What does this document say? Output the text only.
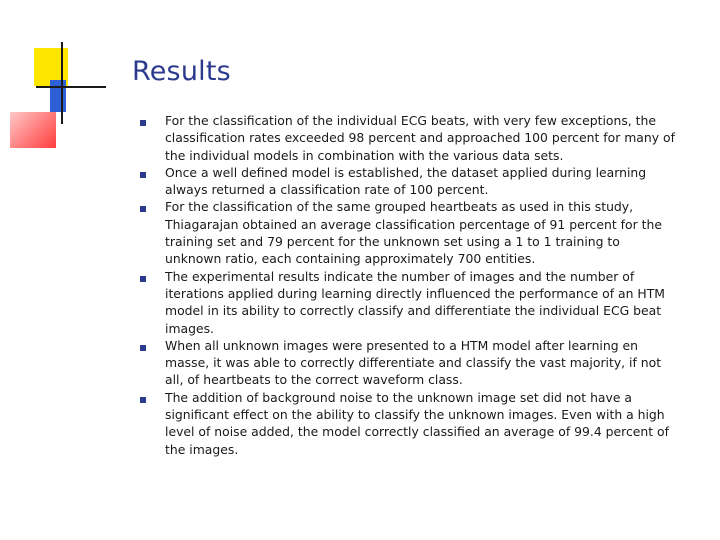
Results
For the classification of the individual ECG beats, with very few exceptions, the classification rates exceeded 98 percent and approached 100 percent for many of the individual models in combination with the various data sets.
Once a well defined model is established, the dataset applied during learning always returned a classification rate of 100 percent.
For the classification of the same grouped heartbeats as used in this study, Thiagarajan obtained an average classification percentage of 91 percent for the training set and 79 percent for the unknown set using a 1 to 1 training to unknown ratio, each containing approximately 700 entities.
The experimental results indicate the number of images and the number of iterations applied during learning directly influenced the performance of an HTM model in its ability to correctly classify and differentiate the individual ECG beat images.
When all unknown images were presented to a HTM model after learning en masse, it was able to correctly differentiate and classify the vast majority, if not all, of heartbeats to the correct waveform class.
The addition of background noise to the unknown image set did not have a significant effect on the ability to classify the unknown images. Even with a high level of noise added, the model correctly classified an average of 99.4 percent of the images.
